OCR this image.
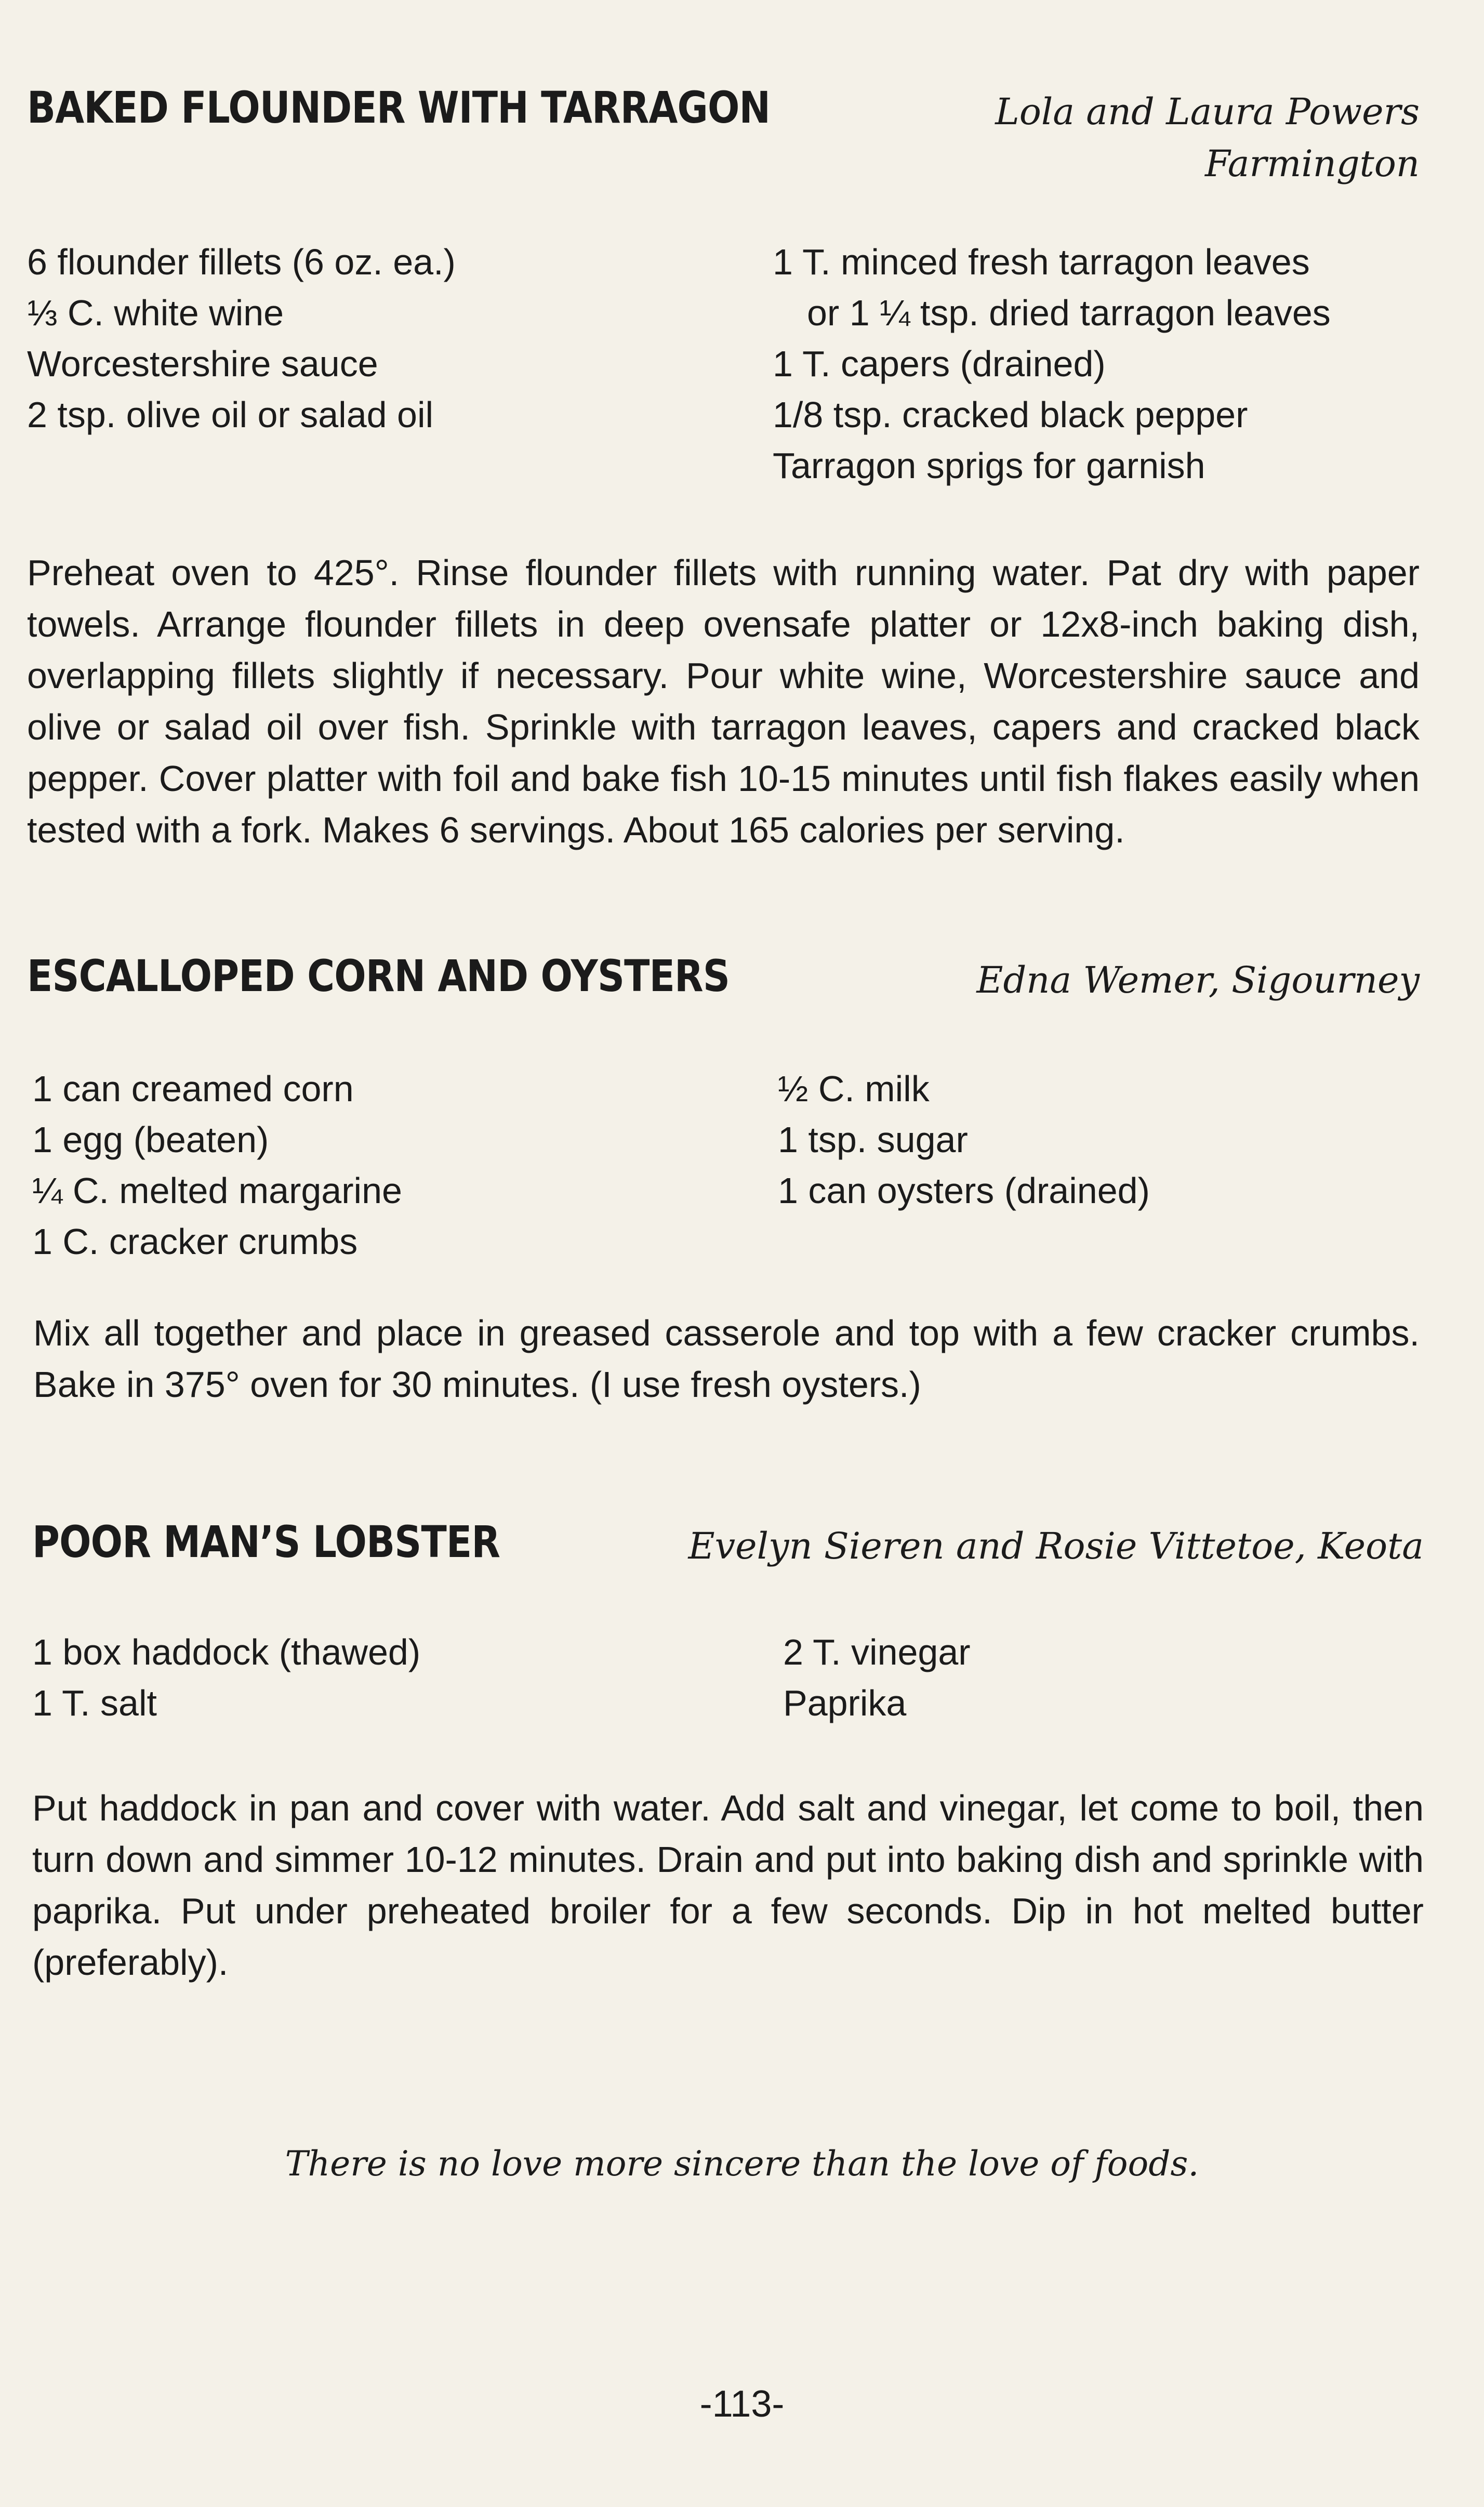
BAKED FLOUNDER WITH TARRAGON	Lola and Laura Powers
Farmington
6 flounder fillets (6 oz. ea.)
⅓ C. white wine
Worcestershire sauce
2 tsp. olive oil or salad oil
1 T. minced fresh tarragon leaves
or 1 ¼ tsp. dried tarragon leaves
1 T. capers (drained)
1/8 tsp. cracked black pepper
Tarragon sprigs for garnish

Preheat oven to 425°. Rinse flounder fillets with running water. Pat dry with paper towels. Arrange flounder fillets in deep ovensafe platter or 12x8-inch baking dish, overlapping fillets slightly if necessary. Pour white wine, Worcestershire sauce and olive or salad oil over fish. Sprinkle with tarragon leaves, capers and cracked black pepper. Cover platter with foil and bake fish 10-15 minutes until fish flakes easily when tested with a fork. Makes 6 servings. About 165 calories per serving.

ESCALLOPED CORN AND OYSTERS	Edna Wemer, Sigourney
1 can creamed corn
1 egg (beaten)
¼ C. melted margarine
1 C. cracker crumbs
½ C. milk
1 tsp. sugar
1 can oysters (drained)

Mix all together and place in greased casserole and top with a few cracker crumbs. Bake in 375° oven for 30 minutes. (I use fresh oysters.)

POOR MAN’S LOBSTER	Evelyn Sieren and Rosie Vittetoe, Keota
1 box haddock (thawed)
1 T. salt
2 T. vinegar
Paprika

Put haddock in pan and cover with water. Add salt and vinegar, let come to boil, then turn down and simmer 10-12 minutes. Drain and put into baking dish and sprinkle with paprika. Put under preheated broiler for a few seconds. Dip in hot melted butter (preferably).

There is no love more sincere than the love of foods.
-113-
